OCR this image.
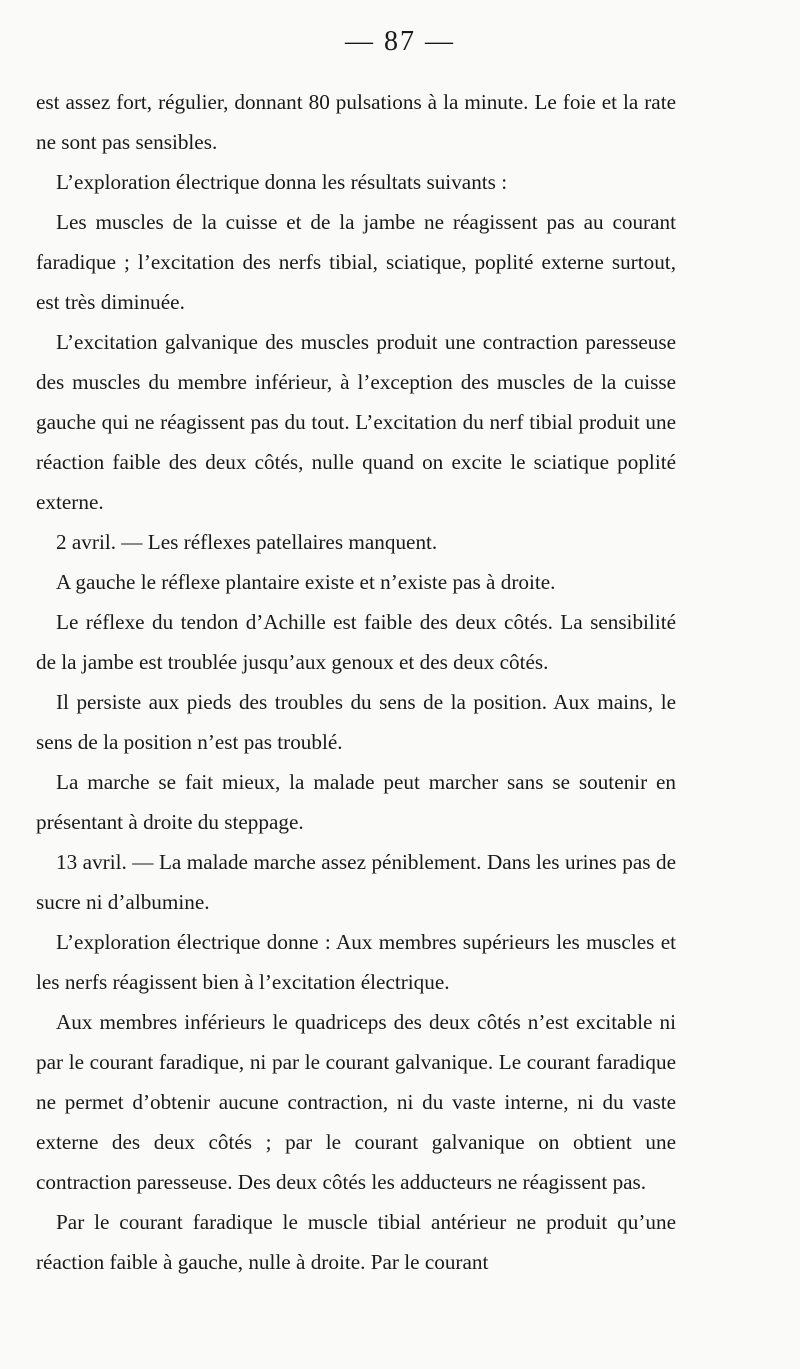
— 87 —

est assez fort, régulier, donnant 80 pulsations à la minute. Le foie et la rate ne sont pas sensibles.

L’exploration électrique donna les résultats suivants :

Les muscles de la cuisse et de la jambe ne réagissent pas au courant faradique ; l’excitation des nerfs tibial, sciatique, poplité externe surtout, est très diminuée.

L’excitation galvanique des muscles produit une contraction paresseuse des muscles du membre inférieur, à l’exception des muscles de la cuisse gauche qui ne réagissent pas du tout. L’excitation du nerf tibial produit une réaction faible des deux côtés, nulle quand on excite le sciatique poplité externe.

2 avril. — Les réflexes patellaires manquent.

A gauche le réflexe plantaire existe et n’existe pas à droite.

Le réflexe du tendon d’Achille est faible des deux côtés. La sensibilité de la jambe est troublée jusqu’aux genoux et des deux côtés.

Il persiste aux pieds des troubles du sens de la position. Aux mains, le sens de la position n’est pas troublé.

La marche se fait mieux, la malade peut marcher sans se soutenir en présentant à droite du steppage.

13 avril. — La malade marche assez péniblement. Dans les urines pas de sucre ni d’albumine.

L’exploration électrique donne : Aux membres supérieurs les muscles et les nerfs réagissent bien à l’excitation électrique.

Aux membres inférieurs le quadriceps des deux côtés n’est excitable ni par le courant faradique, ni par le courant galvanique. Le courant faradique ne permet d’obtenir aucune contraction, ni du vaste interne, ni du vaste externe des deux côtés ; par le courant galvanique on obtient une contraction paresseuse. Des deux côtés les adducteurs ne réagissent pas.

Par le courant faradique le muscle tibial antérieur ne produit qu’une réaction faible à gauche, nulle à droite. Par le courant
